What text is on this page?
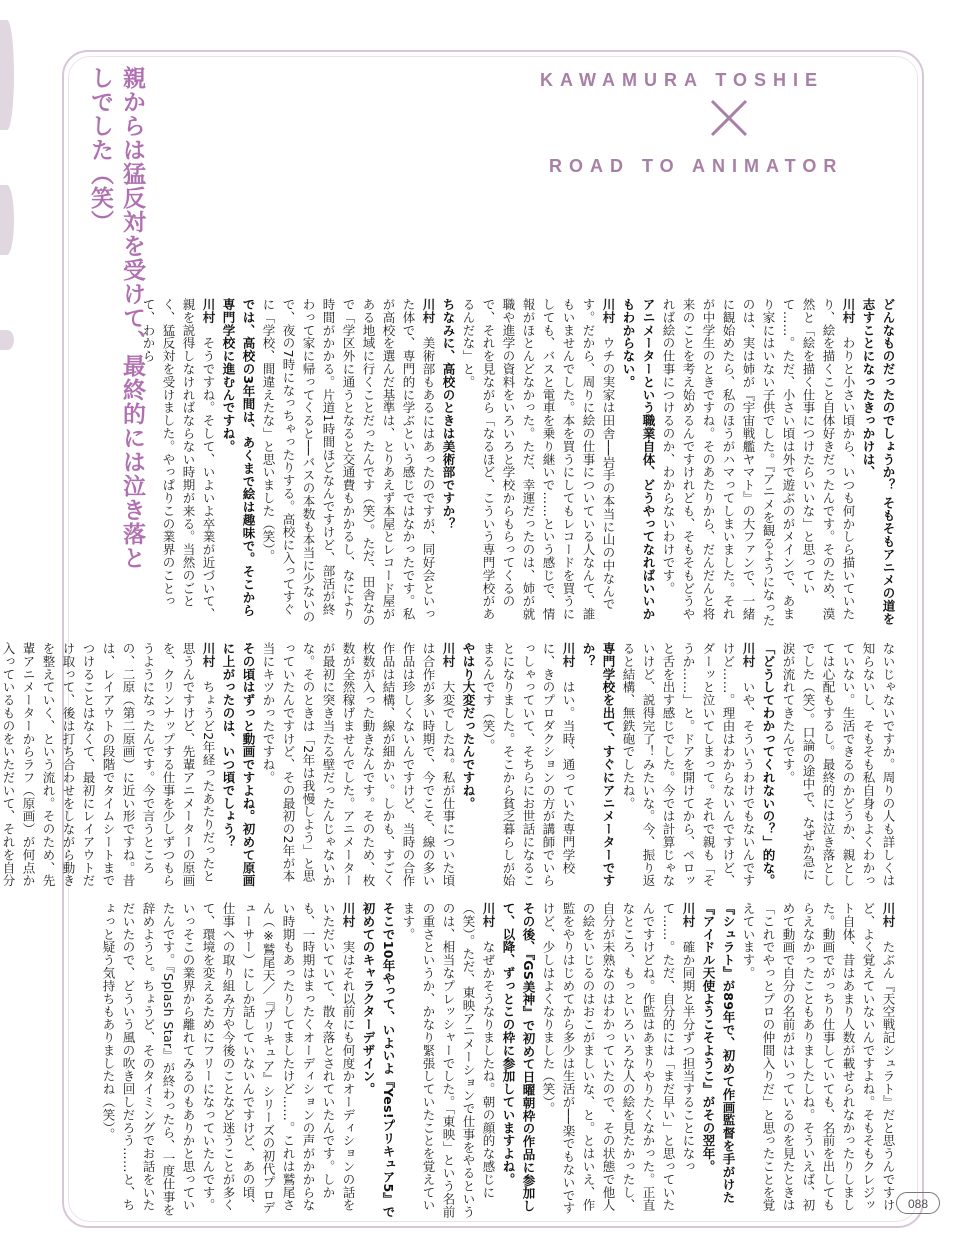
KAWAMURA TOSHIE
ROAD TO ANIMATOR
親からは猛反対を受けて、最終的には泣き落としでした（笑）

どんなものだったのでしょうか？ そもそもアニメの道を志すことになったきっかけは、

川村　わりと小さい頃から、いつも何かしら描いていたり、絵を描くこと自体好きだったんです。そのため、漠然と「絵を描く仕事につけたらいいな」と思っていて……。ただ、小さい頃は外で遊ぶのがメインで、あまり家にはいない子供でした。『アニメを観るようになったのは、実は姉が『宇宙戦艦ヤマト』の大ファンで、一緒に観始めたら、私のほうがハマってしまいました。それが中学生のときですね。そのあたりから、だんだんと将来のことを考え始めるんですけれども、そもそもどうやれば絵の仕事につけるのか、わからないわけです。

アニメーターという職業自体、どうやってなればいいかもわからない。

川村　ウチの実家は田舎──岩手の本当に山の中なんです。だから、周りに絵の仕事についている人なんて、誰もいませんでした。本を買うにしてもレコードを買うにしても、バスと電車を乗り継いで……という感じで、情報がほとんどなかった。ただ、幸運だったのは、姉が就職や進学の資料をいろいろと学校からもらってくるので、それを見ながら「なるほど、こういう専門学校があるんだな」と。

ちなみに、高校のときは美術部ですか？

川村　美術部もあるにはあったのですが、同好会といった体で、専門的に学ぶという感じではなかったです。私が高校を選んだ基準は、とりあえず本屋とレコード屋がある地域に行くことだったんです（笑）。ただ、田舎なので「学区外に通うとなると交通費もかかるし、なにより時間がかかる。片道1時間ほどなんですけど、部活が終わって家に帰ってくると──バスの本数も本当に少ないので、夜の7時になっちゃったりする。高校に入ってすぐに「学校、間違えたな」と思いました（笑）。

では、高校の3年間は、あくまで絵は趣味で。そこから専門学校に進むんですね。

川村　そうですね。そして、いよいよ卒業が近づいて、親を説得しなければならない時期が来る。当然のごとく、猛反対を受けました。やっぱりこの業界のことって、わから

ないじゃないですか。周りの人も詳しくは知らないし、そもそも私自身もよくわかっていない。生活できるのかどうか、親としては心配もするし。最終的には泣き落としでした（笑）。口論の途中で、なぜか急に涙が流れてきたんです。

「どうしてわかってくれないの？」的な。

川村　いや、そういうわけでもないんですけど……。理由はわからないんですけど、ダーッと泣いてしまって。それで親も「そうか……」と。ドアを開けてから、ペロッと舌を出す感じでした。今では計算じゃないけど、説得完了！みたいな。今、振り返ると結構、無鉄砲でしたね。

専門学校を出て、すぐにアニメーターですか？

川村　はい。当時、通っていた専門学校に、きのプロダクションの方が講師でいらっしゃっていて、そちらにお世話になることになりました。そこから貧乏暮らしが始まるんです（笑）。

やはり大変だったんですね。

川村　大変でしたね。私が仕事についた頃は合作が多い時期で、今でこそ、線の多い作品は珍しくないんですけど、当時の合作作品は結構、線が細かい。しかも、すごく枚数が入った動きなんです。そのため、枚数が全然稼げませんでした。アニメーターが最初に突き当たる壁だったんじゃないかな。そのときは「2年は我慢しよう」と思っていたんですけど、その最初の2年が本当にキツかったですね。

その頃はずっと動画ですよね。初めて原画に上がったのは、いつ頃でしょう？

川村　ちょうど2年経ったあたりだったと思うんですけど、先輩アニメーターの原画を、クリンナップする仕事を少しずつもらうようになったんです。今で言うところの、二原（第二原画）に近い形ですね。昔は、レイアウトの段階でタイムシートまでつけることはなくて、最初にレイアウトだけ取って、後は打ち合わせをしながら動きを整えていく、という流れ。そのため、先輩アニメーターからラフ（原画）が何点か入っているものをいただいて、それを自分

川村　たぶん『天空戦記シュラト』だと思うんですけど、よく覚えていないんですよね。そもそもクレジット自体、昔はあまり人数が載せられなかったりしました。動画でがっちり仕事していても、名前を出してもらえなかったこともありましたしね。そういえば、初めて動画で自分の名前がはいっているのを見たときは「これでやっとプロの仲間入りだ」と思ったことを覚えています。

『シュラト』が89年で、初めて作画監督を手がけた『アイドル天使ようこそようこ』がその翌年。

川村　確か同期と半分ずつ担当することになって……。ただ、自分的には「まだ早い」と思っていたんですけどね。作監はあまりやりたくなかった。正直なところ、もっといろいろな人の絵を見たかったし、自分が未熟なのはわかっていたので、その状態で他人の絵をいじるのはおこがましいな、と。とはいえ、作監をやりはじめてから多少は生活が──楽でもないですけど、少しはよくなりました（笑）。

その後、『GS美神』で初めて日曜朝枠の作品に参加して、以降、ずっとこの枠に参加していますよね。

川村　なぜかそうなりましたね。朝の顔的な感じに（笑）。ただ、東映アニメーションで仕事をやるというのは、相当なプレッシャーでした。「東映」という名前の重さというか、かなり緊張していたことを覚えています。

そこで10年やって、いよいよ『Yes!プリキュア5』で初めてのキャラクターデザイン。

川村　実はそれ以前にも何度かオーディションの話をいただいていて、散々落とされていたんです。しかも、一時期はまったくオーディションの声がかからない時期もあったりしてましたけど……。これは鷲尾さん（※鷲尾天／『プリキュア』シリーズの初代プロデューサー）にしか話していないんですけど、あの頃、仕事への取り組み方や今後のことなど迷うことが多くて、環境を変えるためにフリーになっていたんです。いっそこの業界から離れてみるのもありかと思っていたんです。『Splash Star』が終わったら、一度仕事を辞めようと。ちょうど、そのタイミングでお話をいただいたので、どういう風の吹き回しだろう……と、ちょっと疑う気持ちもありましたね（笑）。

088
